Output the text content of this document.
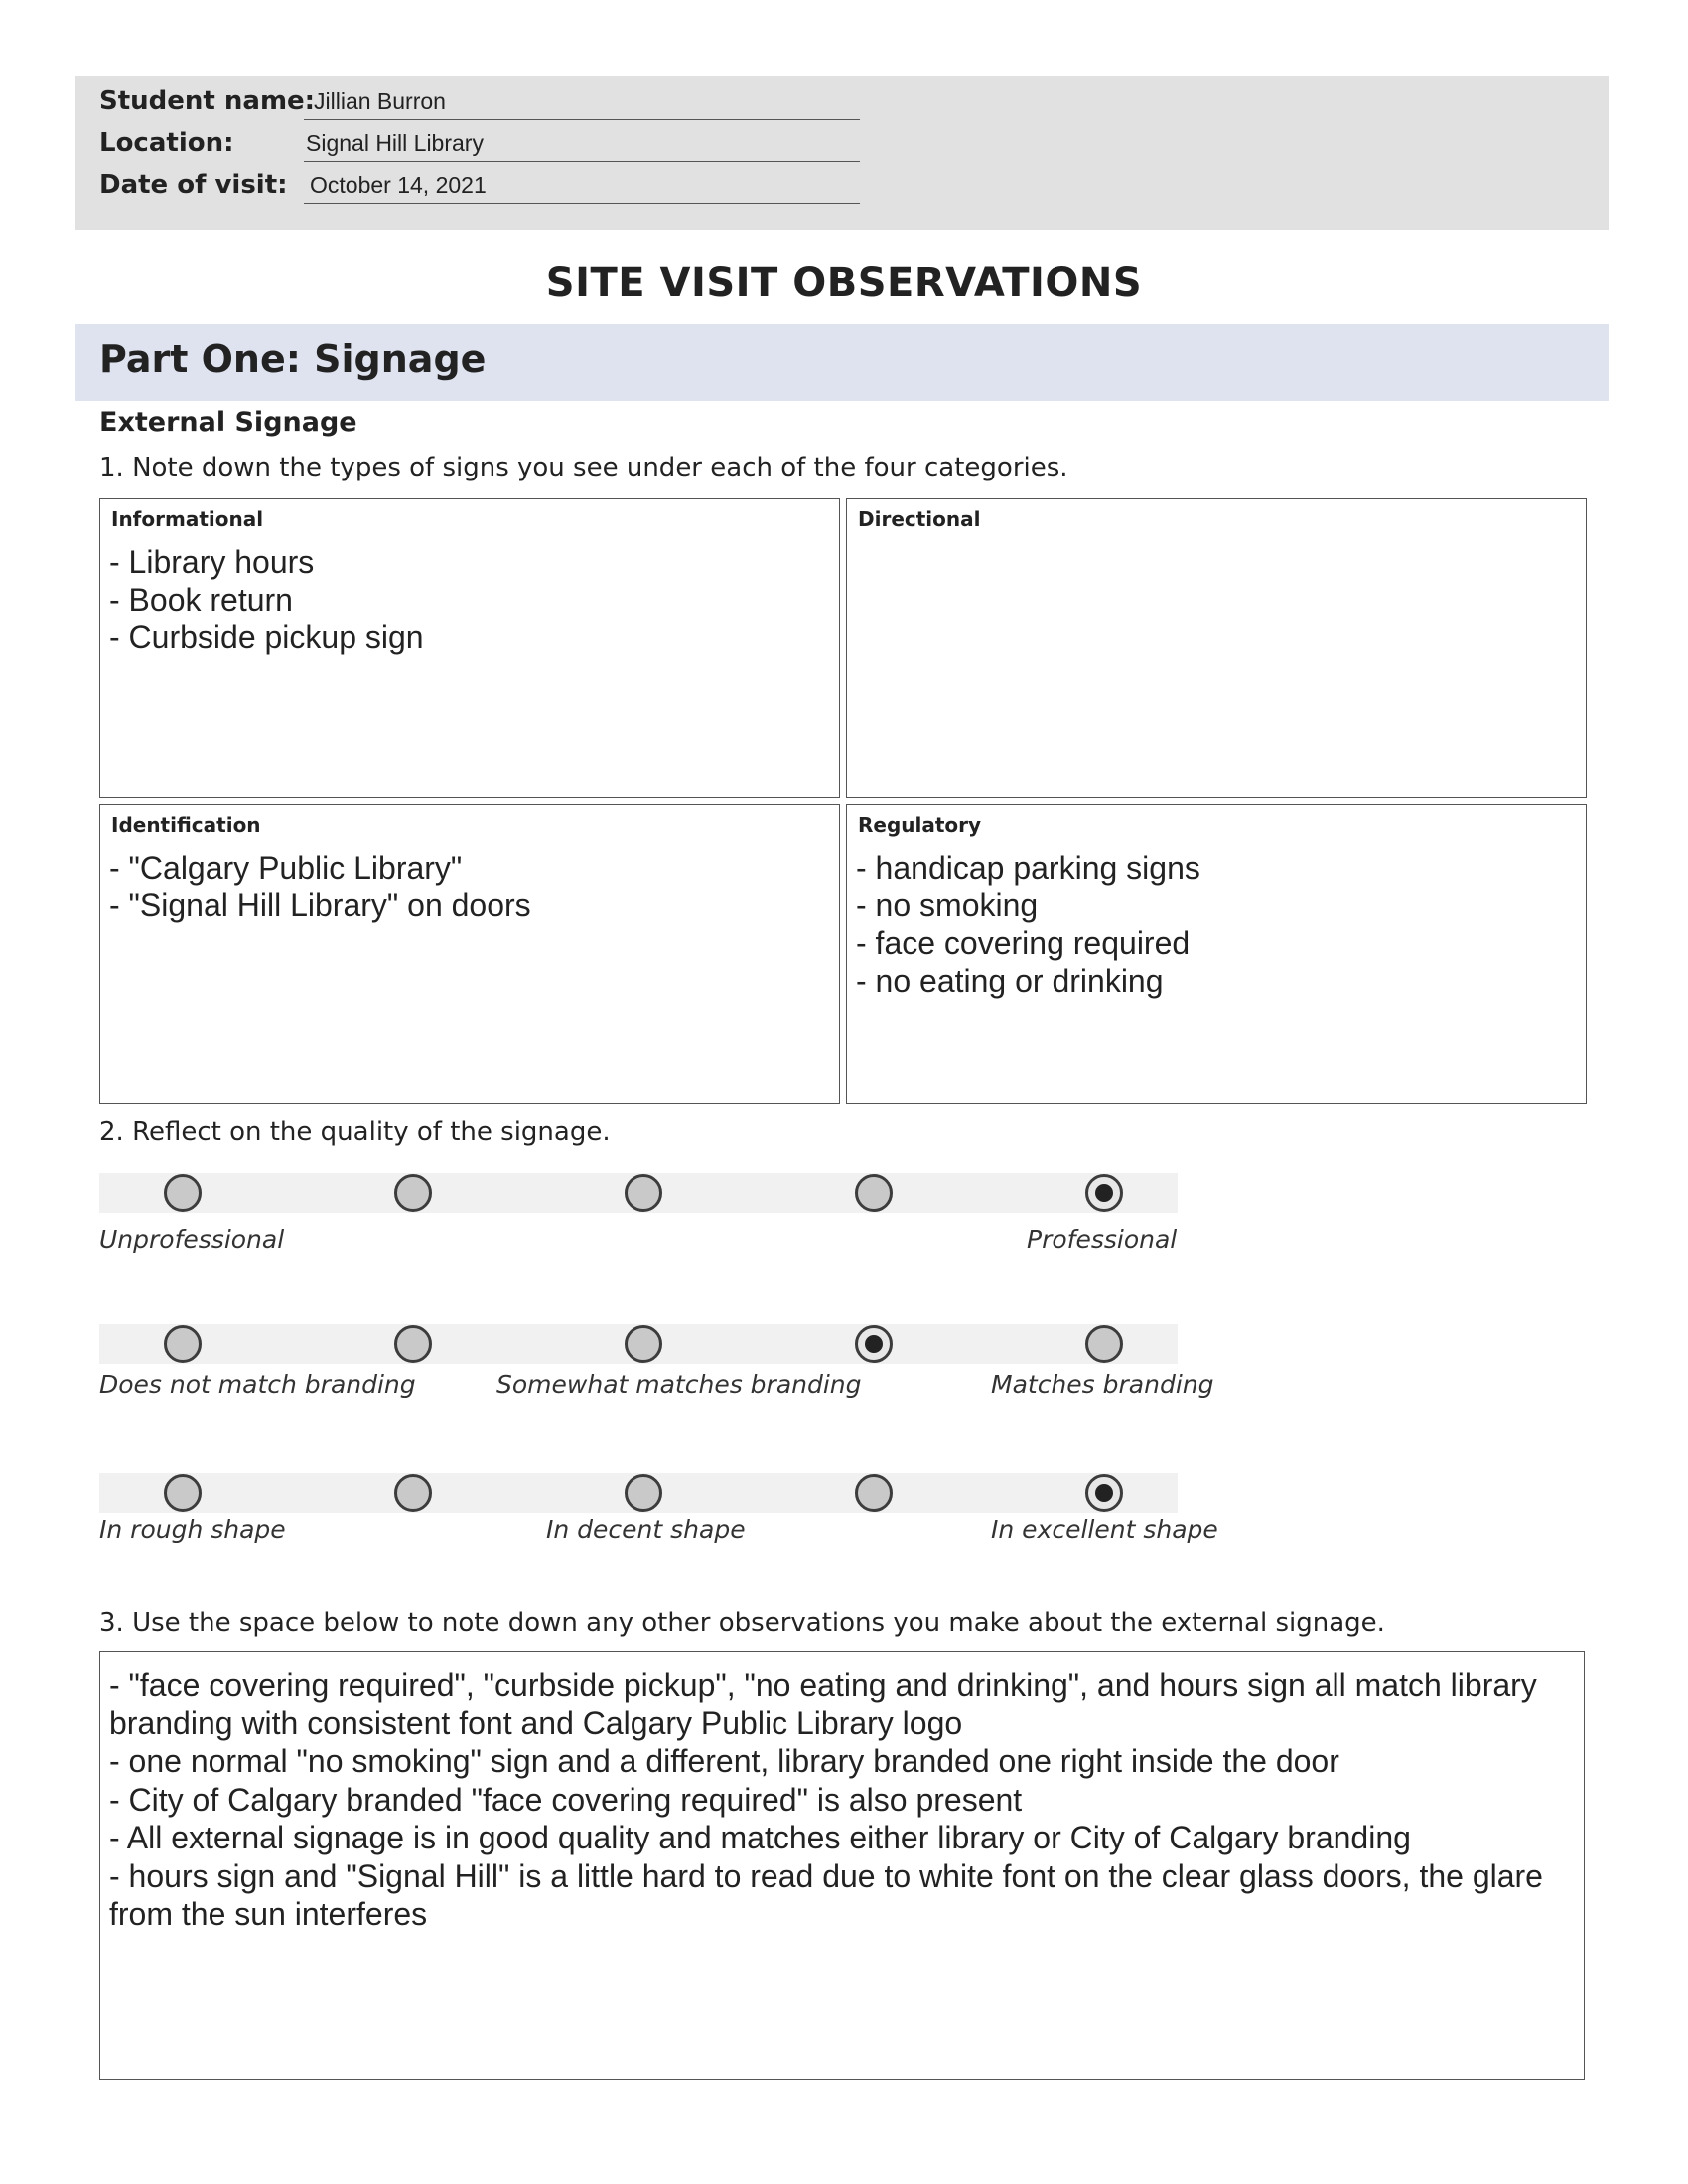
Student name:
Jillian Burron
Location:	Signal Hill Library
Date of visit: October 14, 2021
SITE VISIT OBSERVATIONS
Part One: Signage
External Signage
1. Note down the types of signs you see under each of the four categories.
Informational
- Library hours
- Book return
- Curbside pickup sign
Directional
Identification
- "Calgary Public Library"
- "Signal Hill Library" on doors
Regulatory
- handicap parking signs
- no smoking
- face covering required
- no eating or drinking
2. Reflect on the quality of the signage.
Unprofessional	Professional
Does not match branding	Somewhat matches branding	Matches branding
In rough shape	In decent shape	In excellent shape
3. Use the space below to note down any other observations you make about the external signage.
- "face covering required", "curbside pickup", "no eating and drinking", and hours sign all match library branding with consistent font and Calgary Public Library logo
- one normal "no smoking" sign and a different, library branded one right inside the door
- City of Calgary branded "face covering required" is also present
- All external signage is in good quality and matches either library or City of Calgary branding
- hours sign and "Signal Hill" is a little hard to read due to white font on the clear glass doors, the glare from the sun interferes
